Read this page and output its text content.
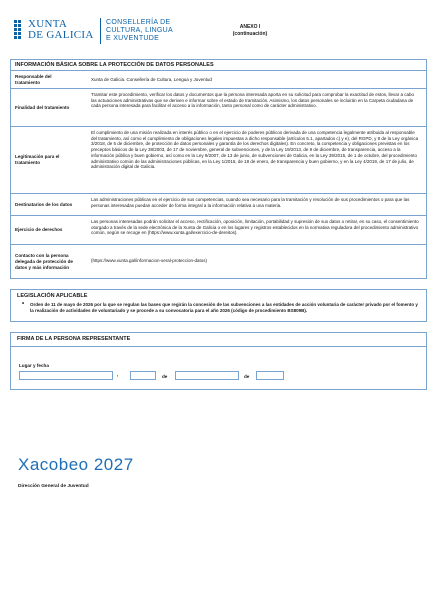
XUNTA
DE GALICIA
CONSELLERÍA DE
CULTURA, LINGUA
E XUVENTUDE
ANEXO I
(continuación)
INFORMACIÓN BÁSICA SOBRE LA PROTECCIÓN DE DATOS PERSONALES
Responsable del tratamiento	Xunta de Galicia. Consellería de Cultura, Lengua y Juventud
Finalidad del tratamiento
Tramitar este procedimiento, verificar los datos y documentos que la persona interesada aporta en su solicitud para comprobar la exactitud de estos, llevar a cabo las actuaciones administrativas que se deriven e informar sobre el estado de tramitación. Asimismo, los datos personales se incluirán en la Carpeta ciudadana de cada persona interesada para facilitar el acceso a la información, tanto personal como de carácter administrativo.
Legitimación para el tratamiento
El cumplimiento de una misión realizada en interés público o en el ejercicio de poderes públicos derivada de una competencia legalmente atribuida al responsable del tratamiento, así como el cumplimiento de obligaciones legales impuestas a dicho responsable (artículos 6.1, apartados c) y e), del RGPD, y 8 de la Ley orgánica 3/2018, de 5 de diciembre, de protección de datos personales y garantía de los derechos digitales). En concreto, la competencia y obligaciones previstas en los preceptos básicos de la Ley 38/2003, de 17 de noviembre, general de subvenciones, y de la Ley 19/2013, de 9 de diciembre, de transparencia, acceso a la información pública y buen gobierno, así como en la Ley 9/2007, de 13 de junio, de subvenciones de Galicia, en la Ley 39/2015, de 1 de octubre, del procedimiento administrativo común de las administraciones públicas, en la Ley 1/2016, de 18 de enero, de transparencia y buen gobierno, y en la Ley 4/2019, de 17 de julio, de administración digital de Galicia.
Destinatarios de los datos
Las administraciones públicas en el ejercicio de sus competencias, cuando sea necesario para la tramitación y resolución de sus procedimientos o para que las personas interesadas puedan acceder de forma integral a la información relativa a una materia.
Ejercicio de derechos
Las personas interesadas podrán solicitar el acceso, rectificación, oposición, limitación, portabilidad y supresión de sus datos o retirar, en su caso, el consentimiento otorgado a través de la sede electrónica de la Xunta de Galicia o en los lugares y registros establecidos en la normativa reguladora del procedimiento administrativo común, según se recoge en (https://www.xunta.gal/exercicio-de-dereitos).
Contacto con la persona delegada de protección de datos y más información
(https://www.xunta.gal/informacion-xeral-proteccion-datos)
LEGISLACIÓN APLICABLE
• Orden de 11 de mayo de 2026 por la que se regulan las bases que regirán la concesión de las subvenciones a las entidades de acción voluntaria de carácter privado por el fomento y la realización de actividades de voluntariado y se procede a su convocatoria para el año 2026 (código de procedimiento BS809B).
FIRMA DE LA PERSONA REPRESENTANTE
Lugar y fecha
,	de	de
Xacobeo 2027
Dirección General de Juventud
